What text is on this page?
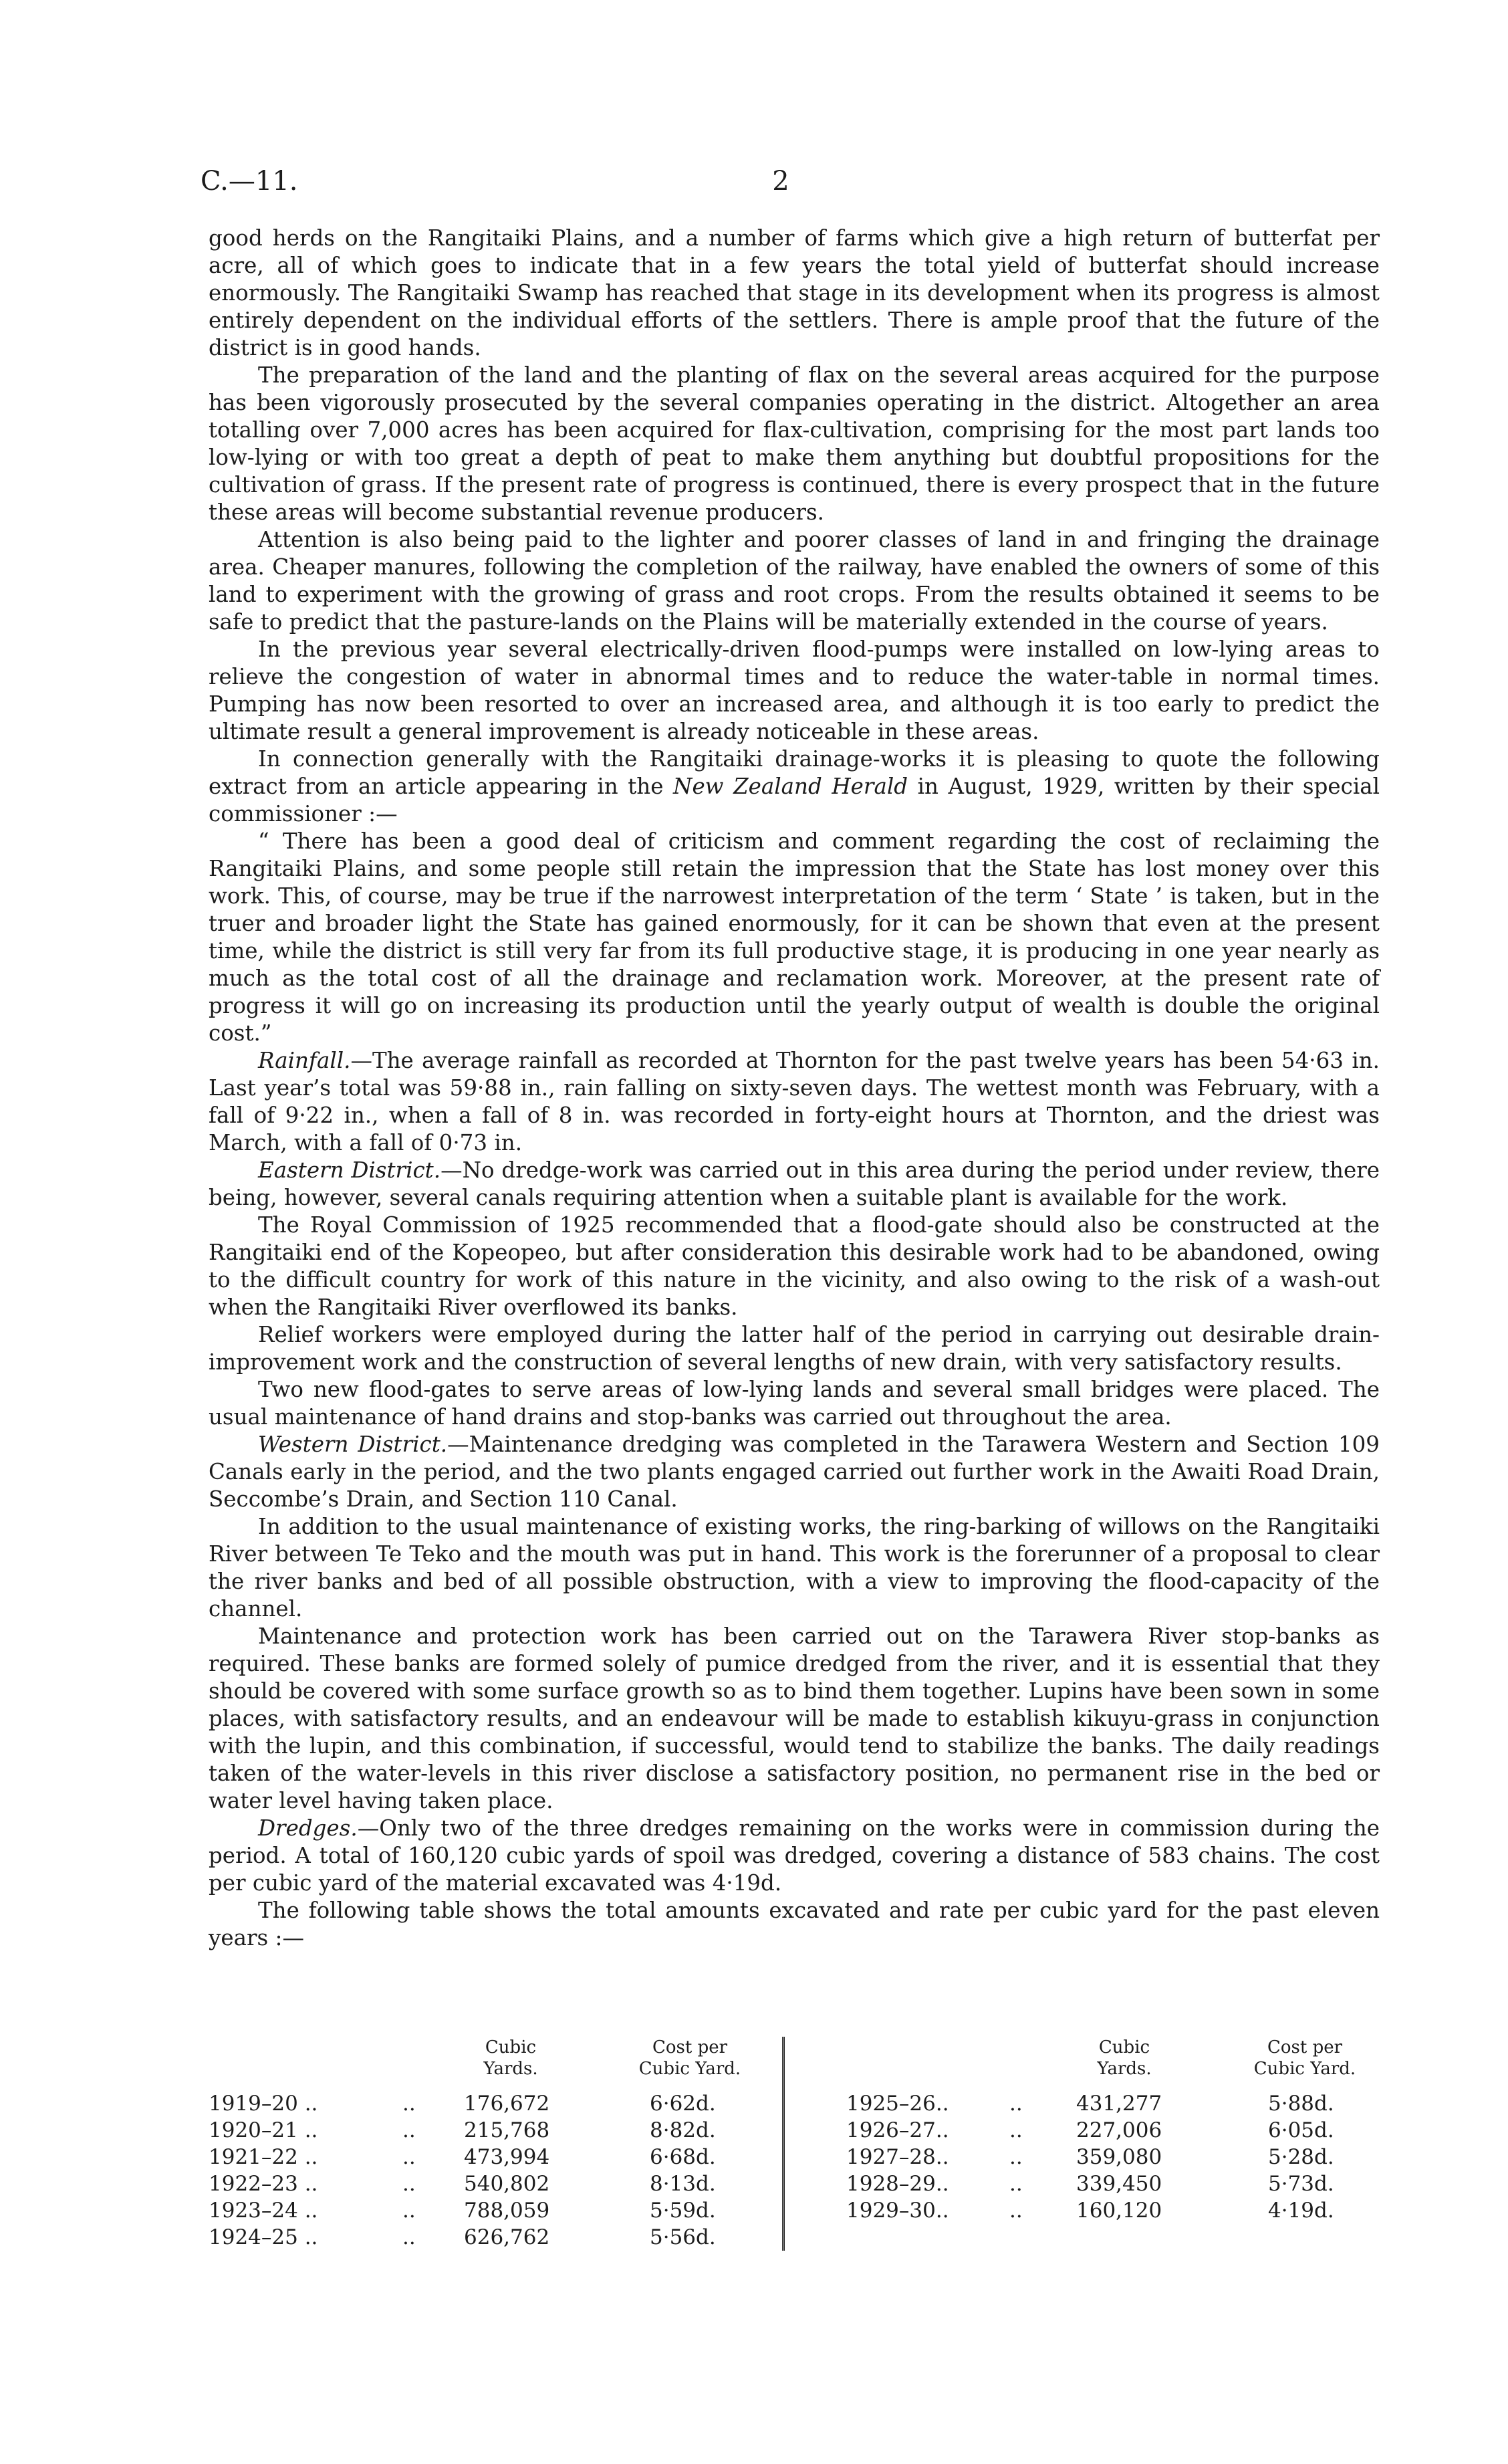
C.—11.	2

good herds on the Rangitaiki Plains, and a number of farms which give a high return of butterfat per acre, all of which goes to indicate that in a few years the total yield of butterfat should increase enormously. The Rangitaiki Swamp has reached that stage in its development when its progress is almost entirely dependent on the individual efforts of the settlers. There is ample proof that the future of the district is in good hands.

The preparation of the land and the planting of flax on the several areas acquired for the purpose has been vigorously prosecuted by the several companies operating in the district. Altogether an area totalling over 7,000 acres has been acquired for flax-cultivation, comprising for the most part lands too low-lying or with too great a depth of peat to make them anything but doubtful propositions for the cultivation of grass. If the present rate of progress is continued, there is every prospect that in the future these areas will become substantial revenue producers.

Attention is also being paid to the lighter and poorer classes of land in and fringing the drainage area. Cheaper manures, following the completion of the railway, have enabled the owners of some of this land to experiment with the growing of grass and root crops. From the results obtained it seems to be safe to predict that the pasture-lands on the Plains will be materially extended in the course of years.

In the previous year several electrically-driven flood-pumps were installed on low-lying areas to relieve the congestion of water in abnormal times and to reduce the water-table in normal times. Pumping has now been resorted to over an increased area, and although it is too early to predict the ultimate result a general improvement is already noticeable in these areas.

In connection generally with the Rangitaiki drainage-works it is pleasing to quote the following extract from an article appearing in the New Zealand Herald in August, 1929, written by their special commissioner :—

“ There has been a good deal of criticism and comment regarding the cost of reclaiming the Rangitaiki Plains, and some people still retain the impression that the State has lost money over this work. This, of course, may be true if the narrowest interpretation of the term ‘ State ’ is taken, but in the truer and broader light the State has gained enormously, for it can be shown that even at the present time, while the district is still very far from its full productive stage, it is producing in one year nearly as much as the total cost of all the drainage and reclamation work. Moreover, at the present rate of progress it will go on increasing its production until the yearly output of wealth is double the original cost.”

Rainfall.—The average rainfall as recorded at Thornton for the past twelve years has been 54·63 in. Last year’s total was 59·88 in., rain falling on sixty-seven days. The wettest month was February, with a fall of 9·22 in., when a fall of 8 in. was recorded in forty-eight hours at Thornton, and the driest was March, with a fall of 0·73 in.

Eastern District.—No dredge-work was carried out in this area during the period under review, there being, however, several canals requiring attention when a suitable plant is available for the work.

The Royal Commission of 1925 recommended that a flood-gate should also be constructed at the Rangitaiki end of the Kopeopeo, but after consideration this desirable work had to be abandoned, owing to the difficult country for work of this nature in the vicinity, and also owing to the risk of a wash-out when the Rangitaiki River overflowed its banks.

Relief workers were employed during the latter half of the period in carrying out desirable drain-improvement work and the construction of several lengths of new drain, with very satisfactory results.

Two new flood-gates to serve areas of low-lying lands and several small bridges were placed. The usual maintenance of hand drains and stop-banks was carried out throughout the area.

Western District.—Maintenance dredging was completed in the Tarawera Western and Section 109 Canals early in the period, and the two plants engaged carried out further work in the Awaiti Road Drain, Seccombe’s Drain, and Section 110 Canal.

In addition to the usual maintenance of existing works, the ring-barking of willows on the Rangitaiki River between Te Teko and the mouth was put in hand. This work is the forerunner of a proposal to clear the river banks and bed of all possible obstruction, with a view to improving the flood-capacity of the channel.

Maintenance and protection work has been carried out on the Tarawera River stop-banks as required. These banks are formed solely of pumice dredged from the river, and it is essential that they should be covered with some surface growth so as to bind them together. Lupins have been sown in some places, with satisfactory results, and an endeavour will be made to establish kikuyu-grass in conjunction with the lupin, and this combination, if successful, would tend to stabilize the banks. The daily readings taken of the water-levels in this river disclose a satisfactory position, no permanent rise in the bed or water level having taken place.

Dredges.—Only two of the three dredges remaining on the works were in commission during the period. A total of 160,120 cubic yards of spoil was dredged, covering a distance of 583 chains. The cost per cubic yard of the material excavated was 4·19d.

The following table shows the total amounts excavated and rate per cubic yard for the past eleven years :—

Cubic
Yards.
Cost per
Cubic Yard.
1919–20 ..	.. 176,672	6·62d.
1920–21 ..	.. 215,768	8·82d.
1921–22 ..	.. 473,994	6·68d.
1922–23 ..	.. 540,802	8·13d.
1923–24 ..	.. 788,059	5·59d.
1924–25 ..	.. 626,762	5·56d.
Cubic
Yards.
Cost per
Cubic Yard.
1925–26..	..	431,277	5·88d.
1926–27..	..	227,006	6·05d.
1927–28..	..	359,080	5·28d.
1928–29..	..	339,450	5·73d.
1929–30..	..	160,120	4·19d.
